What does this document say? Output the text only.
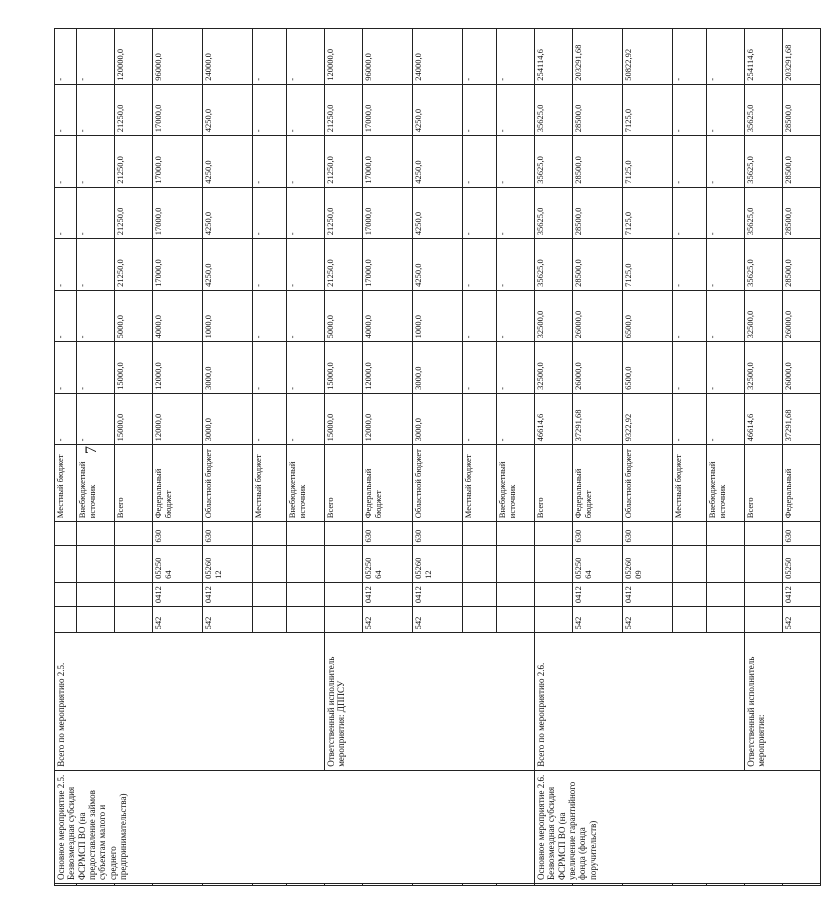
7
	Основное мероприятие 2.5. Безвозмездная субсидия ФСРМСП ВО (на предоставление займов субъектам малого и среднего предпринимательства)	Всего по мероприятию 2.5.					Местный бюджет	-	-	-	-	-	-	-	-
							Внебюджетный источник	-	-	-	-	-	-	-	-
							Всего	15000,0	15000,0	5000,0	21250,0	21250,0	21250,0	21250,0	120000,0
			542	0412	05250 64	630	Федеральный бюджет	12000,0	12000,0	4000,0	17000,0	17000,0	17000,0	17000,0	96000,0
			542	0412	05260 12	630	Областной бюджет	3000,0	3000,0	1000,0	4250,0	4250,0	4250,0	4250,0	24000,0
							Местный бюджет	-	-	-	-	-	-	-	-
							Внебюджетный источник	-	-	-	-	-	-	-	-
		Ответственный исполнитель мероприятия: ДППСУ					Всего	15000,0	15000,0	5000,0	21250,0	21250,0	21250,0	21250,0	120000,0
			542	0412	05250 64	630	Федеральный бюджет	12000,0	12000,0	4000,0	17000,0	17000,0	17000,0	17000,0	96000,0
			542	0412	05260 12	630	Областной бюджет	3000,0	3000,0	1000,0	4250,0	4250,0	4250,0	4250,0	24000,0
							Местный бюджет	-	-	-	-	-	-	-	-
							Внебюджетный источник	-	-	-	-	-	-	-	-
	Основное мероприятие 2.6. Безвозмездная субсидия ФСРМСП ВО (на увеличение гарантийного фонда (фонда поручительств)	Всего по мероприятию 2.6.					Всего	46614,6	32500,0	32500,0	35625,0	35625,0	35625,0	35625,0	254114,6
			542	0412	05250 64	630	Федеральный бюджет	37291,68	26000,0	26000,0	28500,0	28500,0	28500,0	28500,0	203291,68
			542	0412	05260 09	630	Областной бюджет	9322,92	6500,0	6500,0	7125,0	7125,0	7125,0	7125,0	50822,92
							Местный бюджет	-	-	-	-	-	-	-	-
							Внебюджетный источник	-	-	-	-	-	-	-	-
		Ответственный исполнитель мероприятия:					Всего	46614,6	32500,0	32500,0	35625,0	35625,0	35625,0	35625,0	254114,6
			542	0412	05250	630	Федеральный	37291,68	26000,0	26000,0	28500,0	28500,0	28500,0	28500,0	203291,68
